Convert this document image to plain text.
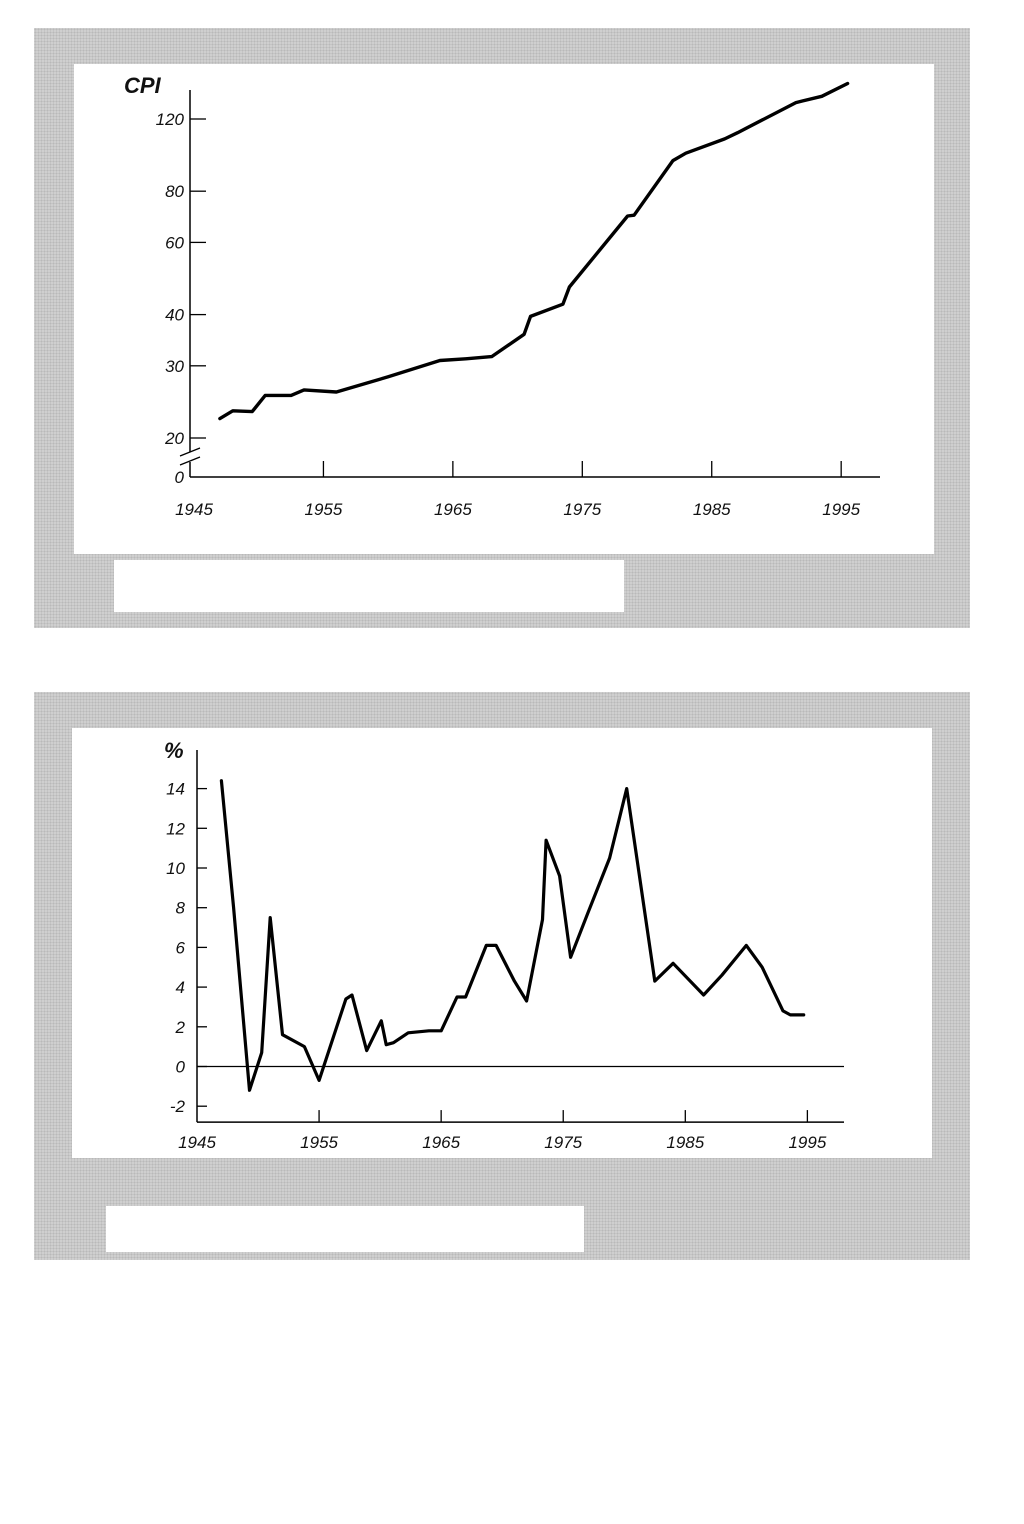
0
20
30
40
60
80
120
CPI
1945	1955	1965	1975	1985	1995
-2
0
2
4
6
8
10
12
14
%
1945	1955	1965	1975	1985	1995
